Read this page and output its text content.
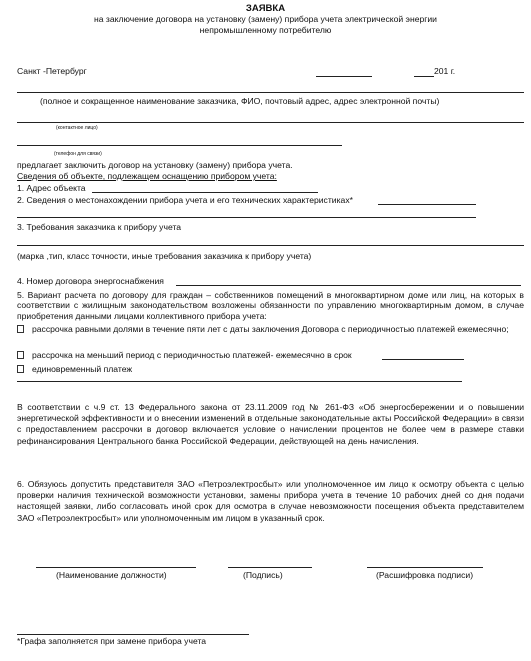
ЗАЯВКА
на заключение договора на установку (замену) прибора учета электрической энергии
непромышленному потребителю
Санкт -Петербург	201 г.
(полное и сокращенное наименование заказчика, ФИО, почтовый адрес, адрес электронной почты)
(контактное лицо)
(телефон для связи)
предлагает заключить договор на установку (замену) прибора учета.
Сведения об объекте, подлежащем оснащению прибором учета:
1. Адрес объекта
2. Сведения о местонахождении прибора учета и его технических характеристиках*
3. Требования заказчика к прибору учета
(марка ,тип, класс точности, иные требования заказчика к прибору учета)
4. Номер договора энергоснабжения
5. Вариант расчета по договору для граждан – собственников помещений в многоквартирном доме или лиц, на которых в соответствии с жилищным законодательством возложены обязанности по управлению многоквартирным домом, в случае приобретения данными лицами коллективного прибора учета:
рассрочка равными долями в течение пяти лет с даты заключения Договора с периодичностью платежей ежемесячно;
рассрочка на меньший период с периодичностью платежей- ежемесячно в срок
единовременный платеж
В соответствии с ч.9 ст. 13 Федерального закона от 23.11.2009 год № 261-ФЗ «Об энергосбережении и о повышении энергетической эффективности и о внесении изменений в отдельные законодательные акты Российской Федерации» в связи с предоставлением рассрочки в договор включается условие о начислении процентов не более чем в размере ставки рефинансирования Центрального банка Российской Федерации, действующей на день начисления.
6. Обязуюсь допустить представителя ЗАО «Петроэлектросбыт» или уполномоченное им лицо к осмотру объекта с целью проверки наличия технической возможности установки, замены прибора учета в течение 10 рабочих дней со дня подачи настоящей заявки, либо согласовать иной срок для осмотра в случае невозможности посещения объекта представителем ЗАО «Петроэлектросбыт» или уполномоченным им лицом в указанный срок.
(Наименование должности)	(Подпись)	(Расшифровка подписи)
*Графа заполняется при замене прибора учета
